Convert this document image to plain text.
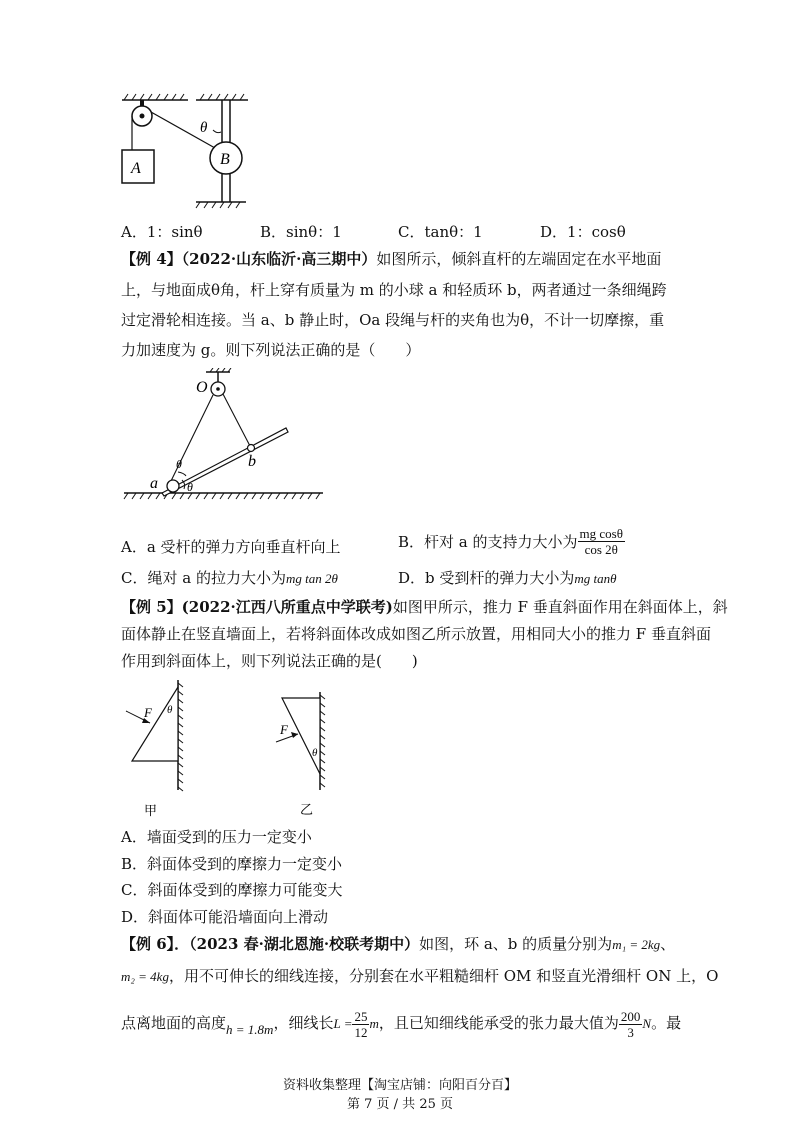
A
B
θ
A．1：sinθ	B．sinθ：1	C．tanθ：1	D．1：cosθ
【例 4】（2022·山东临沂·高三期中）如图所示，倾斜直杆的左端固定在水平地面
上，与地面成θ角，杆上穿有质量为 m 的小球 a 和轻质环 b，两者通过一条细绳跨
过定滑轮相连接。当 a、b 静止时，Oa 段绳与杆的夹角也为θ，不计一切摩擦，重
力加速度为 g。则下列说法正确的是（　　）
O
a
b
θ
θ
A．a 受杆的弹力方向垂直杆向上	B．杆对 a 的支持力大小为 $\frac{\text{mg cosθ}}{\cos 2\theta}$
C．绳对 a 的拉力大小为mg tan 2θ	D．b 受到杆的弹力大小为mg tanθ
【例 5】(2022·江西八所重点中学联考)如图甲所示，推力 F 垂直斜面作用在斜面体上，斜
面体静止在竖直墙面上，若将斜面体改成如图乙所示放置，用相同大小的推力 F 垂直斜面
作用到斜面体上，则下列说法正确的是(　　)
F θ
甲
F
θ
乙
A．墙面受到的压力一定变小
B．斜面体受到的摩擦力一定变小
C．斜面体受到的摩擦力可能变大
D．斜面体可能沿墙面向上滑动
【例 6】．（2023 春·湖北恩施·校联考期中）如图，环 a、b 的质量分别为m₁ = 2kg、
m₂ = 4kg，用不可伸长的细线连接，分别套在水平粗糙细杆 OM 和竖直光滑细杆 ON 上，O
点离地面的高度h = 1.8m，细线长$L = \frac{25}{12}$ m，且已知细线能承受的张力最大值为 $\frac{200}{3}$ N。最
资料收集整理【淘宝店铺：向阳百分百】
第 7 页 / 共 25 页
